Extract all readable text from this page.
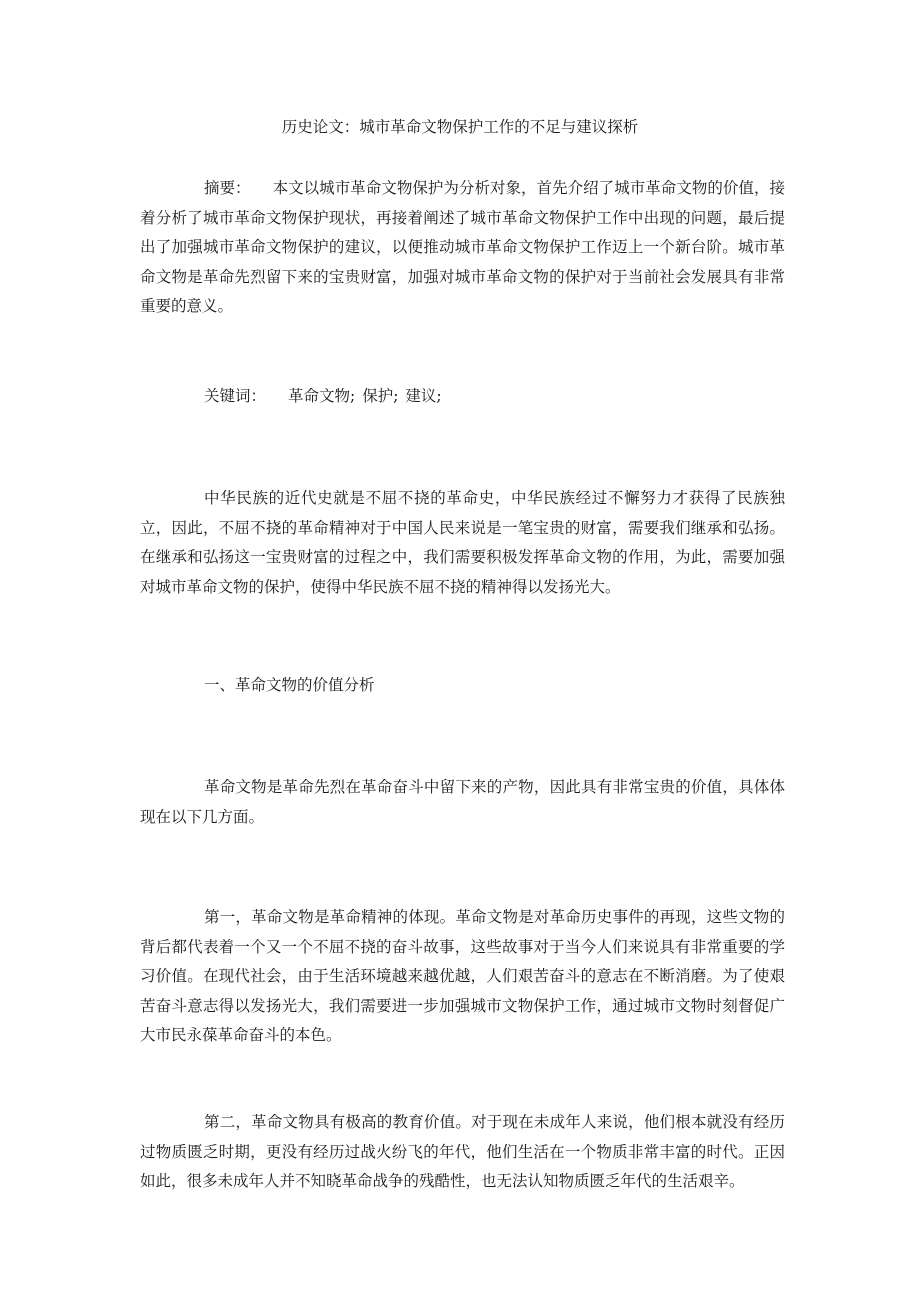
历史论文：城市革命文物保护工作的不足与建议探析
摘要： 本文以城市革命文物保护为分析对象，首先介绍了城市革命文物的价值，接着分析了城市革命文物保护现状，再接着阐述了城市革命文物保护工作中出现的问题，最后提出了加强城市革命文物保护的建议，以便推动城市革命文物保护工作迈上一个新台阶。城市革命文物是革命先烈留下来的宝贵财富，加强对城市革命文物的保护对于当前社会发展具有非常重要的意义。
关键词： 革命文物; 保护; 建议;
中华民族的近代史就是不屈不挠的革命史，中华民族经过不懈努力才获得了民族独立，因此，不屈不挠的革命精神对于中国人民来说是一笔宝贵的财富，需要我们继承和弘扬。在继承和弘扬这一宝贵财富的过程之中，我们需要积极发挥革命文物的作用，为此，需要加强对城市革命文物的保护，使得中华民族不屈不挠的精神得以发扬光大。
一、革命文物的价值分析
革命文物是革命先烈在革命奋斗中留下来的产物，因此具有非常宝贵的价值，具体体现在以下几方面。
第一，革命文物是革命精神的体现。革命文物是对革命历史事件的再现，这些文物的背后都代表着一个又一个不屈不挠的奋斗故事，这些故事对于当今人们来说具有非常重要的学习价值。在现代社会，由于生活环境越来越优越，人们艰苦奋斗的意志在不断消磨。为了使艰苦奋斗意志得以发扬光大，我们需要进一步加强城市文物保护工作，通过城市文物时刻督促广大市民永葆革命奋斗的本色。
第二，革命文物具有极高的教育价值。对于现在未成年人来说，他们根本就没有经历过物质匮乏时期，更没有经历过战火纷飞的年代，他们生活在一个物质非常丰富的时代。正因如此，很多未成年人并不知晓革命战争的残酷性，也无法认知物质匮乏年代的生活艰辛。
